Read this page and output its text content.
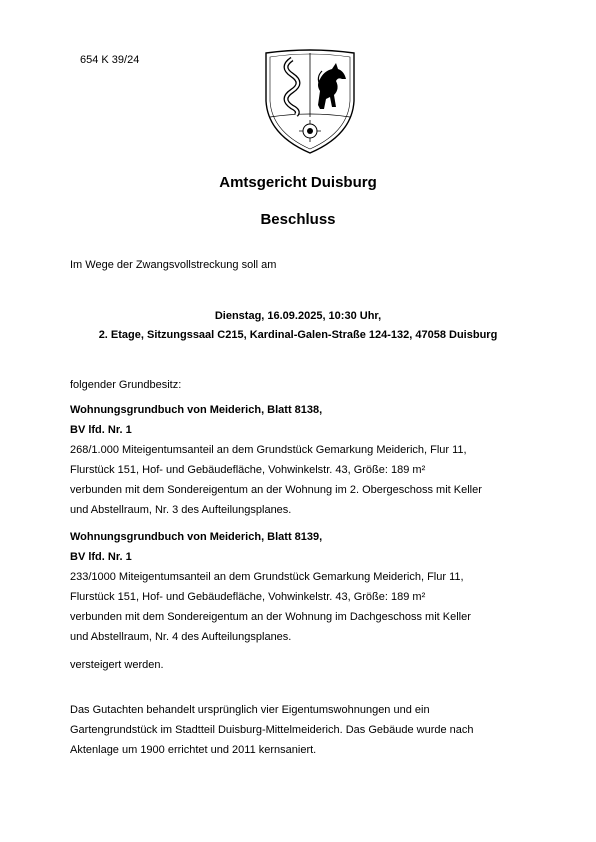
654 K 39/24
Amtsgericht Duisburg
Beschluss
Im Wege der Zwangsvollstreckung soll am
Dienstag, 16.09.2025, 10:30 Uhr,
2. Etage, Sitzungssaal C215, Kardinal-Galen-Straße 124-132, 47058 Duisburg
folgender Grundbesitz:
Wohnungsgrundbuch von Meiderich, Blatt 8138,
BV lfd. Nr. 1
268/1.000 Miteigentumsanteil an dem Grundstück Gemarkung Meiderich, Flur 11,
Flurstück 151, Hof- und Gebäudefläche, Vohwinkelstr. 43, Größe: 189 m²
verbunden mit dem Sondereigentum an der Wohnung im 2. Obergeschoss mit Keller
und Abstellraum, Nr. 3 des Aufteilungsplanes.
Wohnungsgrundbuch von Meiderich, Blatt 8139,
BV lfd. Nr. 1
233/1000 Miteigentumsanteil an dem Grundstück Gemarkung Meiderich, Flur 11,
Flurstück 151, Hof- und Gebäudefläche, Vohwinkelstr. 43, Größe: 189 m²
verbunden mit dem Sondereigentum an der Wohnung im Dachgeschoss mit Keller
und Abstellraum, Nr. 4 des Aufteilungsplanes.
versteigert werden.
Das Gutachten behandelt ursprünglich vier Eigentumswohnungen und ein
Gartengrundstück im Stadtteil Duisburg-Mittelmeiderich. Das Gebäude wurde nach
Aktenlage um 1900 errichtet und 2011 kernsaniert.
